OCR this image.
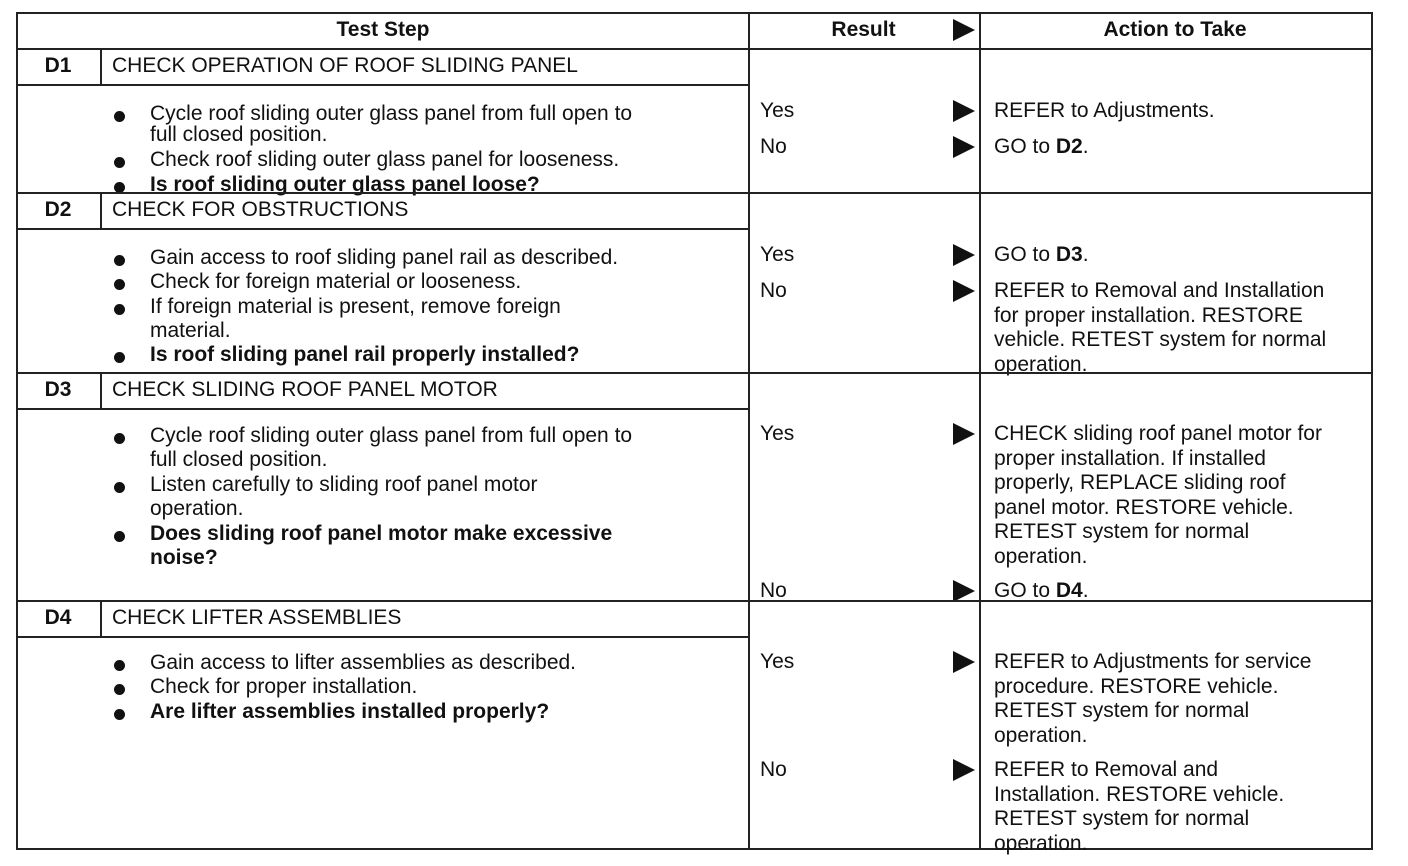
Test Step	Result	Action to Take
D1	CHECK OPERATION OF ROOF SLIDING PANEL
Cycle roof sliding outer glass panel from full open to
full closed position.
Check roof sliding outer glass panel for looseness.
Is roof sliding outer glass panel loose?
Yes	REFER to Adjustments.
No	GO to D2.
D2	CHECK FOR OBSTRUCTIONS
Gain access to roof sliding panel rail as described.
Check for foreign material or looseness.
If foreign material is present, remove foreign
material.
Is roof sliding panel rail properly installed?
Yes	GO to D3.
No	REFER to Removal and Installation
for proper installation. RESTORE
vehicle. RETEST system for normal
operation.
D3	CHECK SLIDING ROOF PANEL MOTOR
Cycle roof sliding outer glass panel from full open to
full closed position.
Listen carefully to sliding roof panel motor
operation.
Does sliding roof panel motor make excessive
noise?
Yes	CHECK sliding roof panel motor for
proper installation. If installed
properly, REPLACE sliding roof
panel motor. RESTORE vehicle.
RETEST system for normal
operation.
No	GO to D4.
D4	CHECK LIFTER ASSEMBLIES
Gain access to lifter assemblies as described.
Check for proper installation.
Are lifter assemblies installed properly?
Yes	REFER to Adjustments for service
procedure. RESTORE vehicle.
RETEST system for normal
operation.
No	REFER to Removal and
Installation. RESTORE vehicle.
RETEST system for normal
operation.
